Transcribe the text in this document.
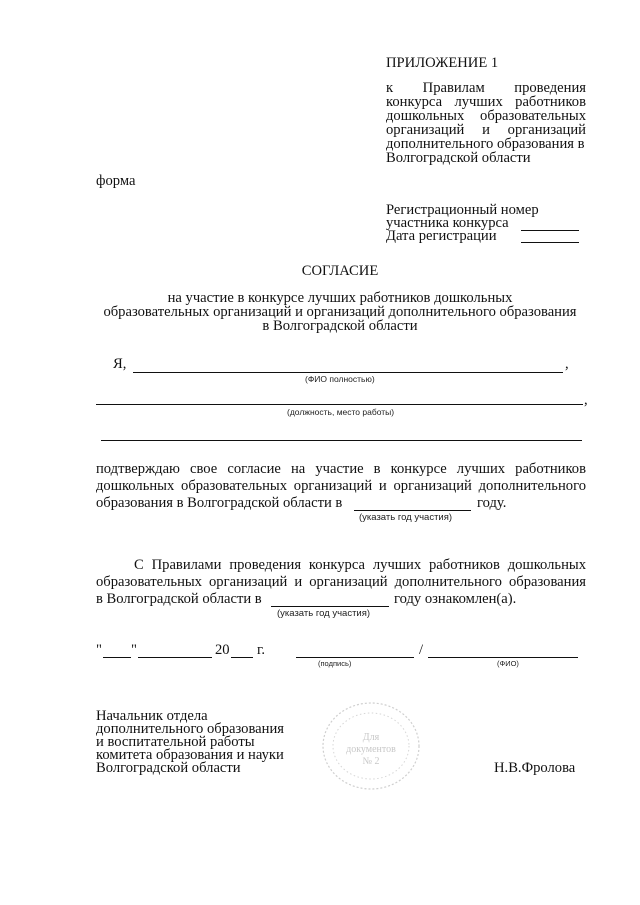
ПРИЛОЖЕНИЕ 1
к Правилам проведения
конкурса лучших работников
дошкольных образовательных
организаций и организаций
дополнительного образования в
Волгоградской области
форма
Регистрационный номер
участника конкурса
Дата регистрации
СОГЛАСИЕ
на участие в конкурсе лучших работников дошкольных
образовательных организаций и организаций дополнительного образования
в Волгоградской области
Я,	,
(ФИО полностью)
,
(должность, место работы)
подтверждаю свое согласие на участие в конкурсе лучших работников
дошкольных образовательных организаций и организаций дополнительного
образования в Волгоградской области в	году.
(указать год участия)
С Правилами проведения конкурса лучших работников дошкольных
образовательных организаций и организаций дополнительного образования
в Волгоградской области в	году ознакомлен(а).
(указать год участия)
" "	20 г.	/
(подпись)	(ФИО)
Начальник отдела
дополнительного образования
и воспитательной работы
комитета образования и науки
Волгоградской области
Для
документов
№ 2	Н.В.Фролова
